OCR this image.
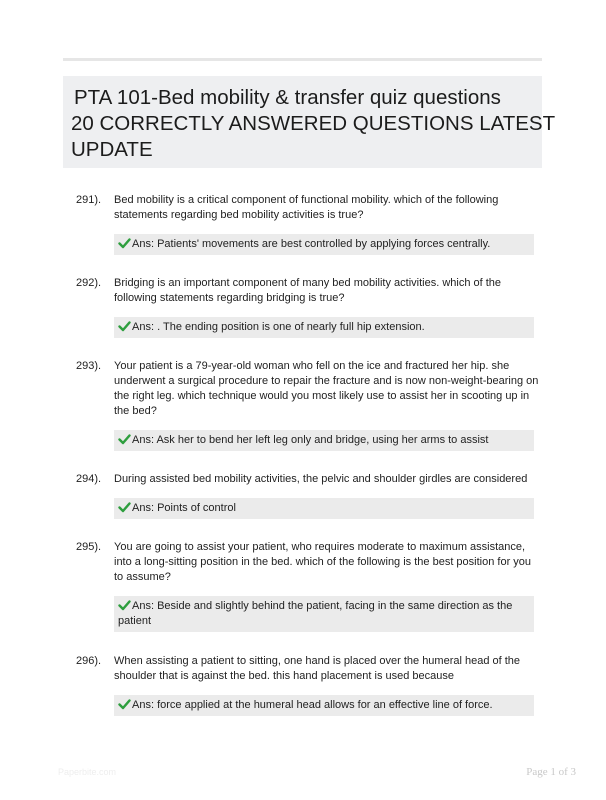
PTA 101-Bed mobility & transfer quiz questions
20 CORRECTLY ANSWERED QUESTIONS LATEST
UPDATE
291). Bed mobility is a critical component of functional mobility. which of the following statements regarding bed mobility activities is true?
Ans: Patients' movements are best controlled by applying forces centrally.
292). Bridging is an important component of many bed mobility activities. which of the following statements regarding bridging is true?
Ans: . The ending position is one of nearly full hip extension.
293). Your patient is a 79-year-old woman who fell on the ice and fractured her hip. she underwent a surgical procedure to repair the fracture and is now non-weight-bearing on the right leg. which technique would you most likely use to assist her in scooting up in the bed?
Ans: Ask her to bend her left leg only and bridge, using her arms to assist
294). During assisted bed mobility activities, the pelvic and shoulder girdles are considered
Ans: Points of control
295). You are going to assist your patient, who requires moderate to maximum assistance, into a long-sitting position in the bed. which of the following is the best position for you to assume?
Ans: Beside and slightly behind the patient, facing in the same direction as the patient
296). When assisting a patient to sitting, one hand is placed over the humeral head of the shoulder that is against the bed. this hand placement is used because
Ans: force applied at the humeral head allows for an effective line of force.
Paperbite.com	Page 1 of 3
